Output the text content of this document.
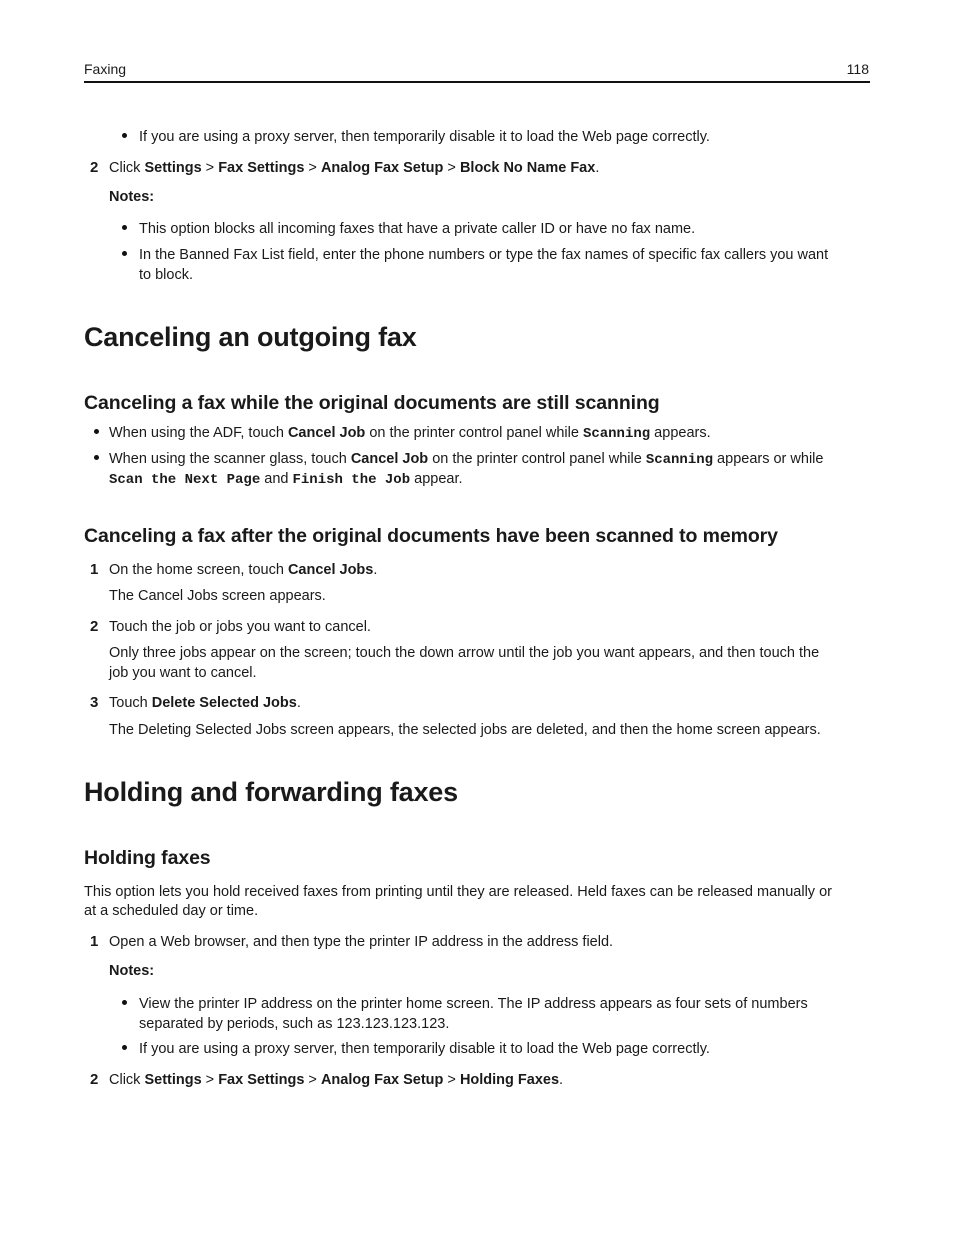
Faxing	118
If you are using a proxy server, then temporarily disable it to load the Web page correctly.
2 Click Settings > Fax Settings > Analog Fax Setup > Block No Name Fax.
Notes:
This option blocks all incoming faxes that have a private caller ID or have no fax name.
In the Banned Fax List field, enter the phone numbers or type the fax names of specific fax callers you want
to block.
Canceling an outgoing fax
Canceling a fax while the original documents are still scanning
When using the ADF, touch Cancel Job on the printer control panel while Scanning appears.
When using the scanner glass, touch Cancel Job on the printer control panel while Scanning appears or while
Scan the Next Page and Finish the Job appear.
Canceling a fax after the original documents have been scanned to memory
1 On the home screen, touch Cancel Jobs.
The Cancel Jobs screen appears.
2 Touch the job or jobs you want to cancel.
Only three jobs appear on the screen; touch the down arrow until the job you want appears, and then touch the
job you want to cancel.
3 Touch Delete Selected Jobs.
The Deleting Selected Jobs screen appears, the selected jobs are deleted, and then the home screen appears.
Holding and forwarding faxes
Holding faxes
This option lets you hold received faxes from printing until they are released. Held faxes can be released manually or
at a scheduled day or time.
1 Open a Web browser, and then type the printer IP address in the address field.
Notes:
View the printer IP address on the printer home screen. The IP address appears as four sets of numbers
separated by periods, such as 123.123.123.123.
If you are using a proxy server, then temporarily disable it to load the Web page correctly.
2 Click Settings > Fax Settings > Analog Fax Setup > Holding Faxes.
